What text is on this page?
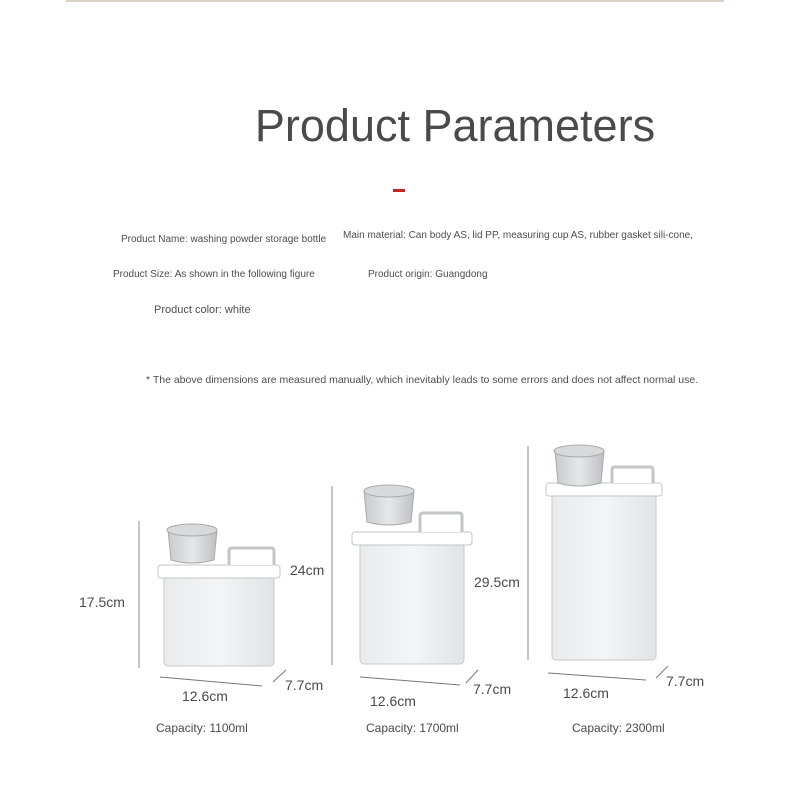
Product Parameters
Product Name: washing powder storage bottle	Main material: Can body AS, lid PP, measuring cup AS, rubber gasket sili-cone,
Product Size: As shown in the following figure	Product origin: Guangdong
Product color: white
* The above dimensions are measured manually, which inevitably leads to some errors and does not affect normal use.
17.5cm
24cm
12.6cm
7.7cm
Capacity: 1100ml
29.5cm
12.6cm
7.7cm
Capacity: 1700ml
12.6cm
7.7cm
Capacity: 2300ml
